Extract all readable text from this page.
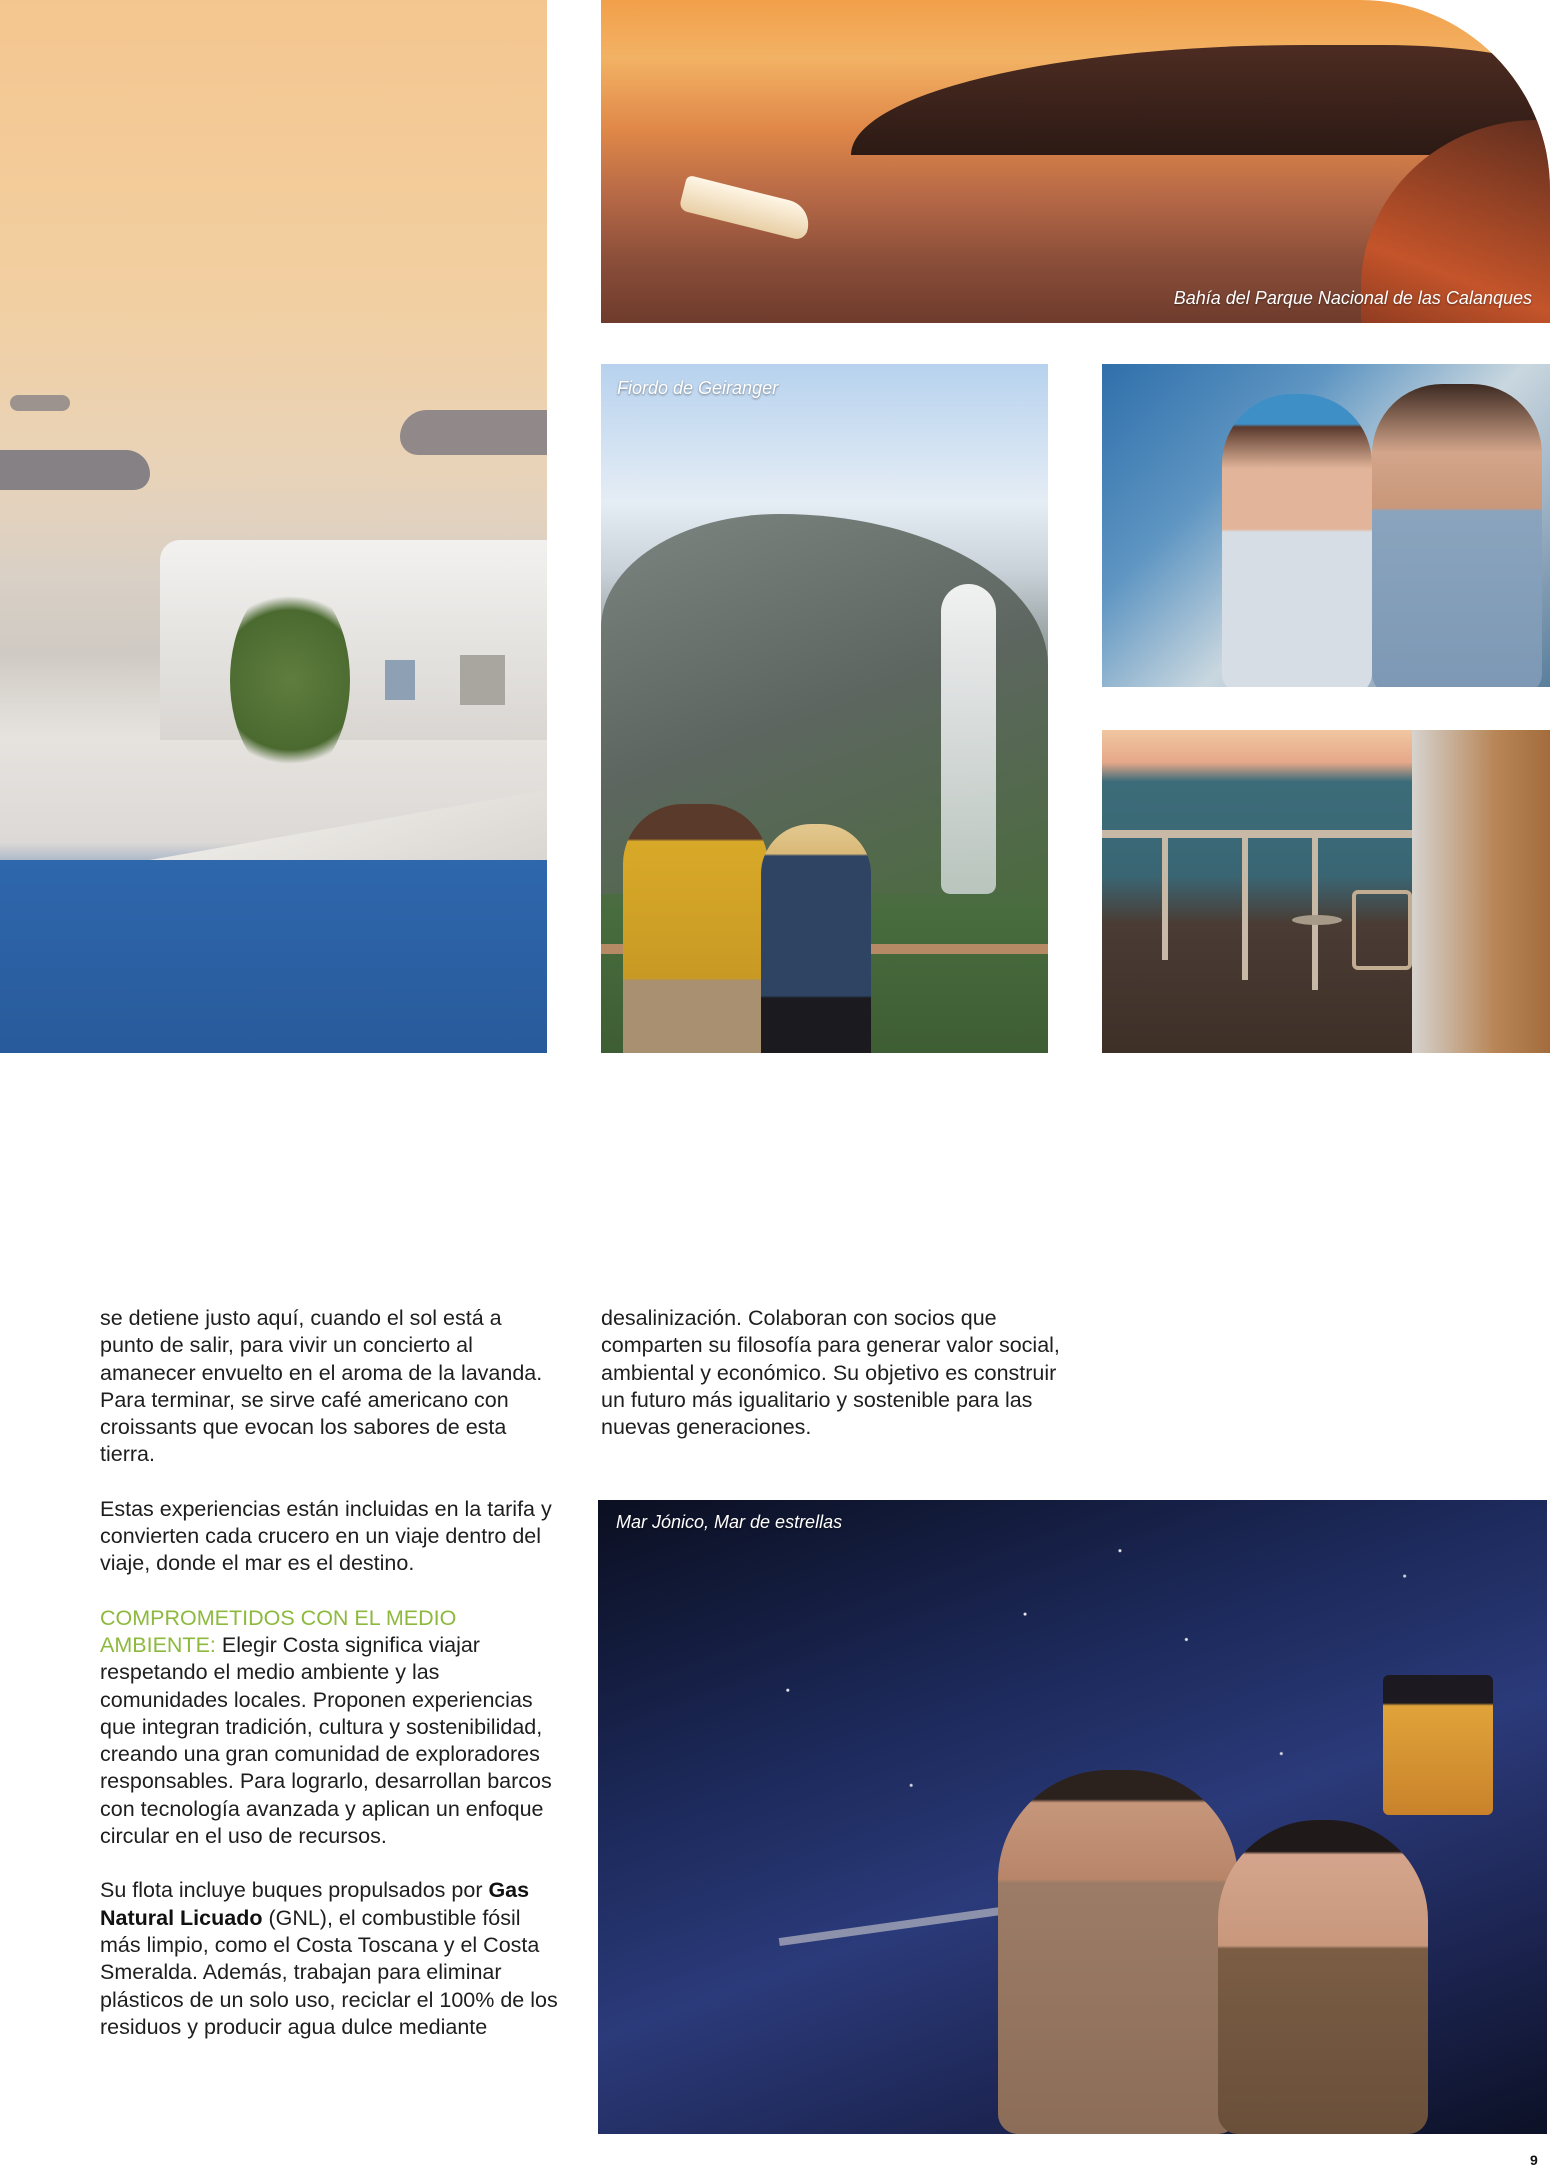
Bahía del Parque Nacional de las Calanques
Fiordo de Geiranger

se detiene justo aquí, cuando el sol está a punto de salir, para vivir un concierto al amanecer envuelto en el aroma de la lavanda. Para terminar, se sirve café americano con croissants que evocan los sabores de esta tierra.

Estas experiencias están incluidas en la tarifa y convierten cada crucero en un viaje dentro del viaje, donde el mar es el destino.

COMPROMETIDOS CON EL MEDIO AMBIENTE: Elegir Costa significa viajar respetando el medio ambiente y las comunidades locales. Proponen experiencias que integran tradición, cultura y sostenibilidad, creando una gran comunidad de exploradores responsables. Para lograrlo, desarrollan barcos con tecnología avanzada y aplican un enfoque circular en el uso de recursos.

Su flota incluye buques propulsados por Gas Natural Licuado (GNL), el combustible fósil más limpio, como el Costa Toscana y el Costa Smeralda. Además, trabajan para eliminar plásticos de un solo uso, reciclar el 100% de los residuos y producir agua dulce mediante

desalinización. Colaboran con socios que comparten su filosofía para generar valor social, ambiental y económico. Su objetivo es construir un futuro más igualitario y sostenible para las nuevas generaciones.

Mar Jónico, Mar de estrellas
9
